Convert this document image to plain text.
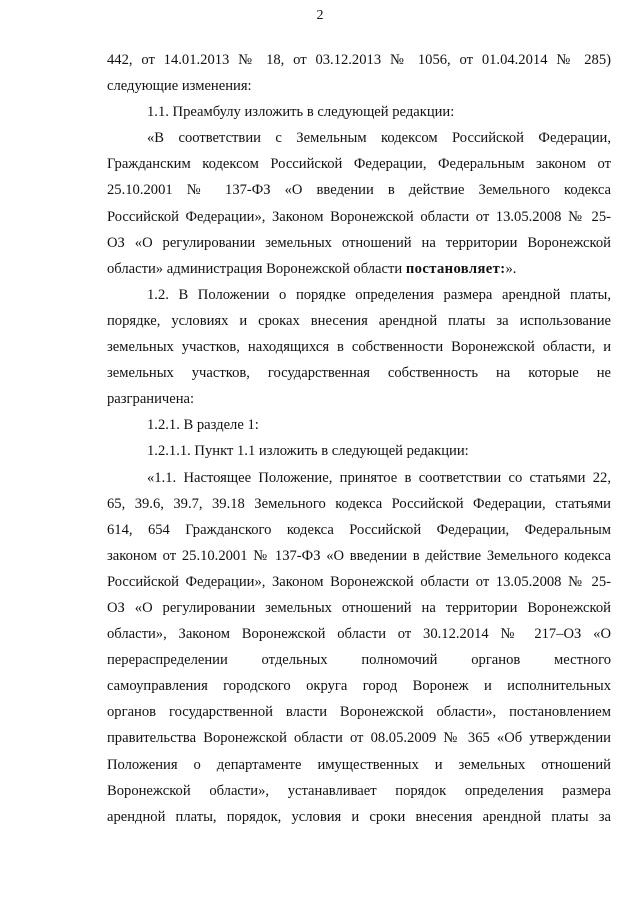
2
442, от 14.01.2013 № 18, от 03.12.2013 № 1056, от 01.04.2014 № 285)
следующие изменения:
1.1. Преамбулу изложить в следующей редакции:
«В соответствии с Земельным кодексом Российской Федерации,
Гражданским кодексом Российской Федерации, Федеральным законом от
25.10.2001 № 137-ФЗ «О введении в действие Земельного кодекса
Российской Федерации», Законом Воронежской области от 13.05.2008 № 25-
ОЗ «О регулировании земельных отношений на территории Воронежской
области» администрация Воронежской области постановляет:».
1.2. В Положении о порядке определения размера арендной платы,
порядке, условиях и сроках внесения арендной платы за использование
земельных участков, находящихся в собственности Воронежской области, и
земельных участков, государственная собственность на которые не
разграничена:
1.2.1. В разделе 1:
1.2.1.1. Пункт 1.1 изложить в следующей редакции:
«1.1. Настоящее Положение, принятое в соответствии со статьями 22,
65, 39.6, 39.7, 39.18 Земельного кодекса Российской Федерации, статьями
614, 654 Гражданского кодекса Российской Федерации, Федеральным
законом от 25.10.2001 № 137-ФЗ «О введении в действие Земельного кодекса
Российской Федерации», Законом Воронежской области от 13.05.2008 № 25-
ОЗ «О регулировании земельных отношений на территории Воронежской
области», Законом Воронежской области от 30.12.2014 № 217–ОЗ «О
перераспределении отдельных полномочий органов местного
самоуправления городского округа город Воронеж и исполнительных
органов государственной власти Воронежской области», постановлением
правительства Воронежской области от 08.05.2009 № 365 «Об утверждении
Положения о департаменте имущественных и земельных отношений
Воронежской области», устанавливает порядок определения размера
арендной платы, порядок, условия и сроки внесения арендной платы за
